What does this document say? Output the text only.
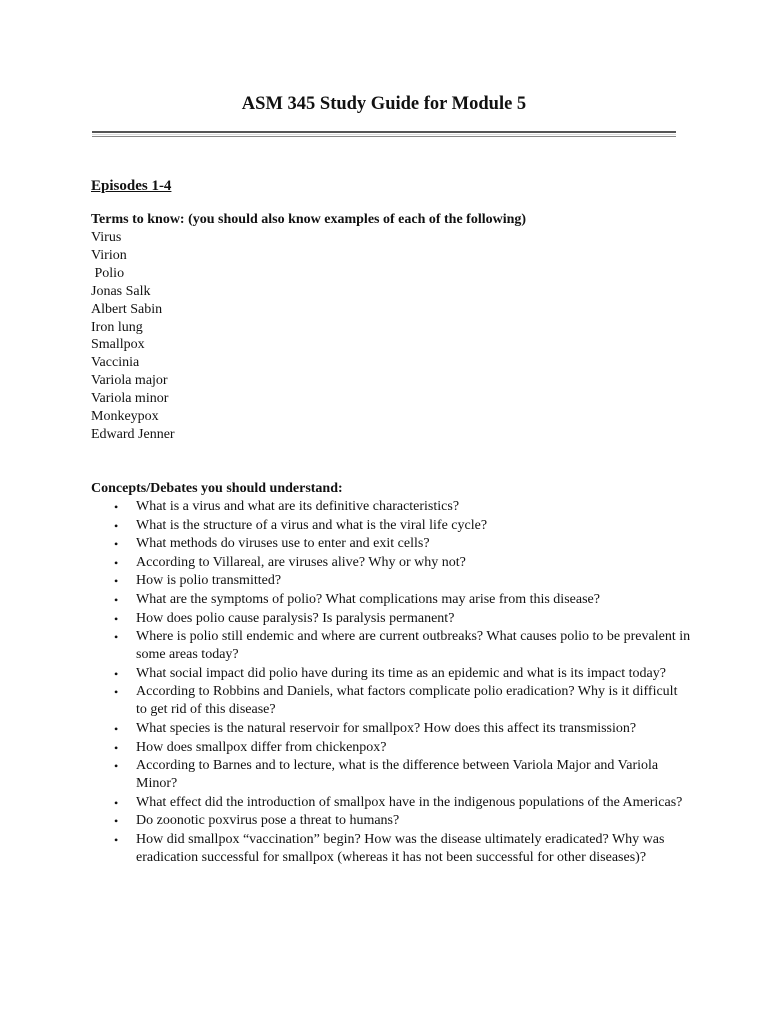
ASM 345 Study Guide for Module 5
Episodes 1-4

Terms to know: (you should also know examples of each of the following)

Virus
Virion
Polio
Jonas Salk
Albert Sabin
Iron lung
Smallpox
Vaccinia
Variola major
Variola minor
Monkeypox
Edward Jenner

Concepts/Debates you should understand:

• What is a virus and what are its definitive characteristics?
• What is the structure of a virus and what is the viral life cycle?
• What methods do viruses use to enter and exit cells?
• According to Villareal, are viruses alive? Why or why not?
• How is polio transmitted?
• What are the symptoms of polio? What complications may arise from this disease?
• How does polio cause paralysis? Is paralysis permanent?
• Where is polio still endemic and where are current outbreaks? What causes polio to be prevalent in some areas today?
• What social impact did polio have during its time as an epidemic and what is its impact today?
• According to Robbins and Daniels, what factors complicate polio eradication? Why is it difficult to get rid of this disease?
• What species is the natural reservoir for smallpox? How does this affect its transmission?
• How does smallpox differ from chickenpox?
• According to Barnes and to lecture, what is the difference between Variola Major and Variola Minor?
• What effect did the introduction of smallpox have in the indigenous populations of the Americas?
• Do zoonotic poxvirus pose a threat to humans?
• How did smallpox “vaccination” begin? How was the disease ultimately eradicated? Why was eradication successful for smallpox (whereas it has not been successful for other diseases)?
